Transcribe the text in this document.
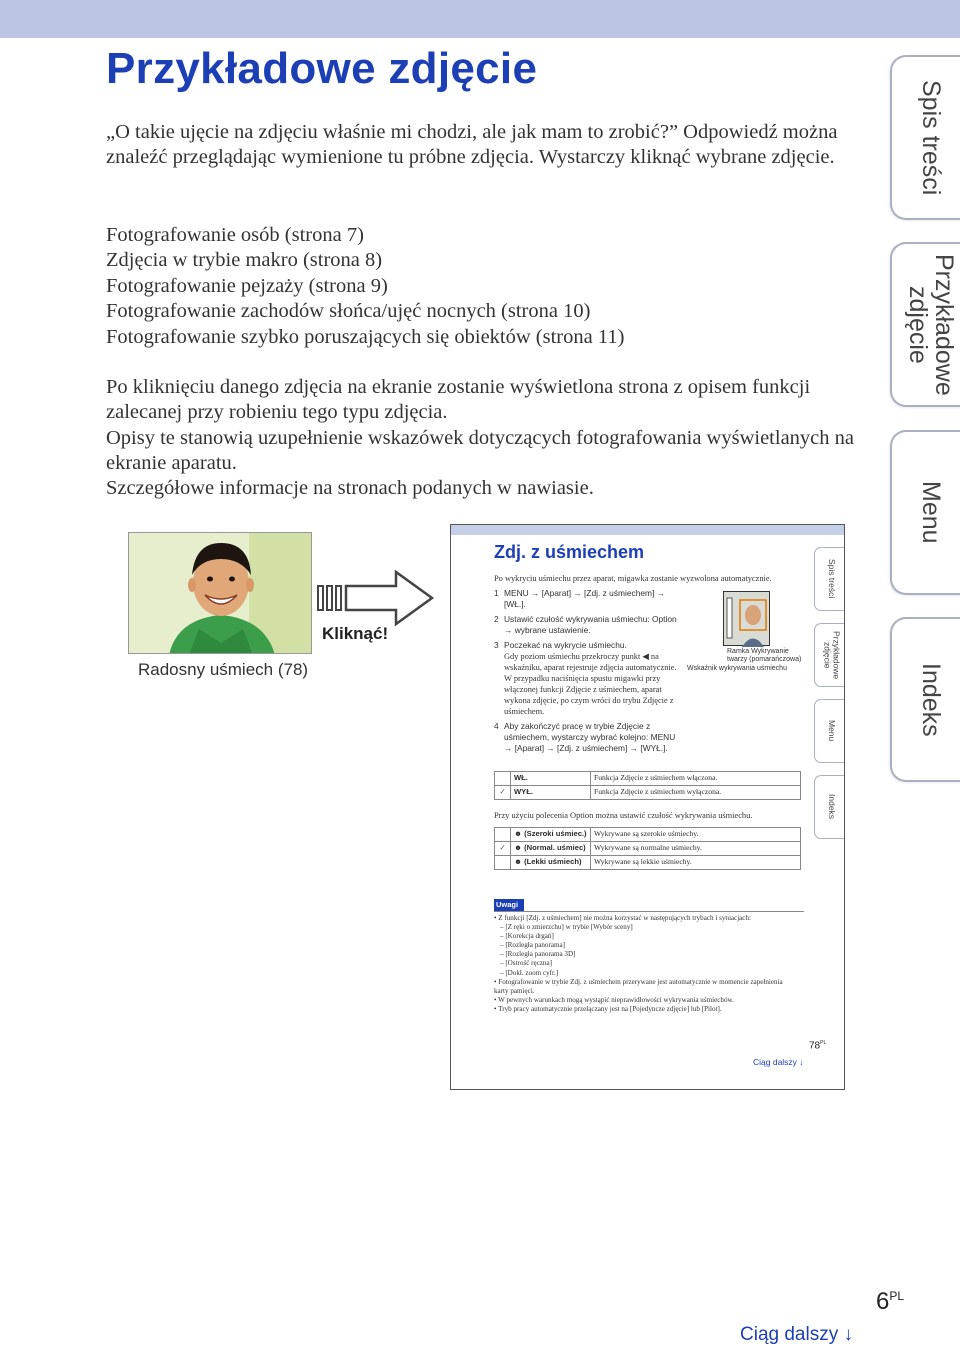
Przykładowe zdjęcie

„O takie ujęcie na zdjęciu właśnie mi chodzi, ale jak mam to zrobić?” Odpowiedź można znaleźć przeglądając wymienione tu próbne zdjęcia. Wystarczy kliknąć wybrane zdjęcie.

Fotografowanie osób (strona 7)
Zdjęcia w trybie makro (strona 8)
Fotografowanie pejzaży (strona 9)
Fotografowanie zachodów słońca/ujęć nocnych (strona 10)
Fotografowanie szybko poruszających się obiektów (strona 11)

Po kliknięciu danego zdjęcia na ekranie zostanie wyświetlona strona z opisem funkcji zalecanej przy robieniu tego typu zdjęcia.

Opisy te stanowią uzupełnienie wskazówek dotyczących fotografowania wyświetlanych na ekranie aparatu.

Szczegółowe informacje na stronach podanych w nawiasie.

Spis treści
Przykładowe zdjęcie
Menu
Indeks
Radosny uśmiech (78)
Kliknąć!
Zdj. z uśmiechem
Po wykryciu uśmiechu przez aparat, migawka zostanie wyzwolona automatycznie.
1 MENU → [Aparat] → [Zdj. z uśmiechem] → [WŁ.].
2 Ustawić czułość wykrywania uśmiechu: Option → wybrane ustawienie.
3 Poczekać na wykrycie uśmiechu.
Gdy poziom uśmiechu przekroczy punkt ◀ na wskaźniku, aparat rejestruje zdjęcia automatycznie. W przypadku naciśnięcia spustu migawki przy włączonej funkcji Zdjęcie z uśmiechem, aparat wykona zdjęcie, po czym wróci do trybu Zdjęcie z uśmiechem.
4 Aby zakończyć pracę w trybie Zdjęcie z uśmiechem, wystarczy wybrać kolejno: MENU → [Aparat] → [Zdj. z uśmiechem] → [WYŁ.].
Ramka Wykrywanie twarzy (pomarańczowa)
Wskaźnik wykrywania uśmiechu
	WŁ.	Funkcja Zdjęcie z uśmiechem włączona.
✓	WYŁ.	Funkcja Zdjęcie z uśmiechem wyłączona.
Przy użyciu polecenia Option można ustawić czułość wykrywania uśmiechu.
	☻ (Szeroki uśmiec.)	Wykrywane są szerokie uśmiechy.
✓	☻ (Normal. uśmiec)	Wykrywane są normalne uśmiechy.
	☻ (Lekki uśmiech)	Wykrywane są lekkie uśmiechy.
Uwagi
• Z funkcji [Zdj. z uśmiechem] nie można korzystać w następujących trybach i sytuacjach:
– [Z ręki o zmierzchu] w trybie [Wybór sceny]
– [Korekcja drgań]
– [Rozległa panorama]
– [Rozległa panorama 3D]
– [Ostrość ręczna]
– [Dokł. zoom cyfr.]
• Fotografowanie w trybie Zdj. z uśmiechem przerywane jest automatycznie w momencie zapełnienia karty pamięci.
• W pewnych warunkach mogą wystąpić nieprawidłowości wykrywania uśmiechów.
• Tryb pracy automatycznie przełączany jest na [Pojedyncze zdjęcie] lub [Pilot].
$78^{PL}$
Ciąg dalszy ↓
Spis treści
Przykładowe zdjęcie
Menu
Indeks
$6^{PL}$
Ciąg dalszy ↓
